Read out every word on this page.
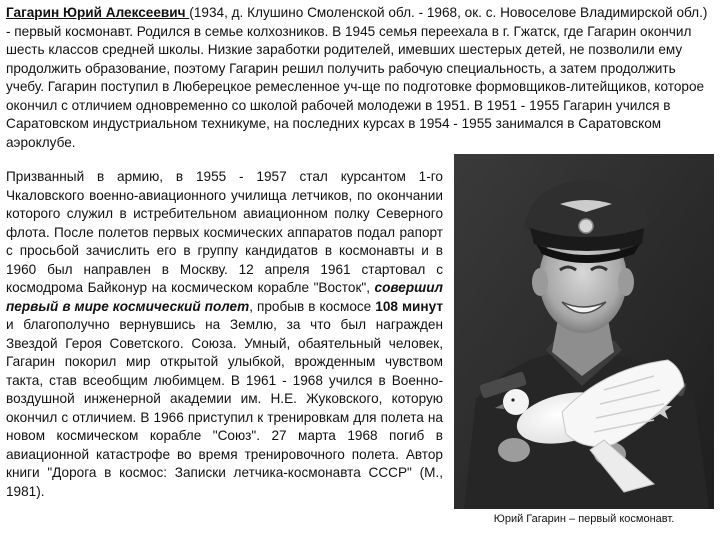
Гагарин Юрий Алексеевич (1934, д. Клушино Смоленской обл. - 1968, ок. с. Новоселове Владимирской обл.) - первый космонавт. Родился в семье колхозников. В 1945 семья переехала в г. Гжатск, где Гагарин окончил шесть классов средней школы. Низкие заработки родителей, имевших шестерых детей, не позволили ему продолжить образование, поэтому Гагарин решил получить рабочую специальность, а затем продолжить учебу. Гагарин поступил в Люберецкое ремесленное уч-ще по подготовке формовщиков-литейщиков, которое окончил с отличием одновременно со школой рабочей молодежи в 1951. В 1951 - 1955 Гагарин учился в Саратовском индустриальном техникуме, на последних курсах в 1954 - 1955 занимался в Саратовском аэроклубе.

Призванный в армию, в 1955 - 1957 стал курсантом 1-го Чкаловского военно-авиационного училища летчиков, по окончании которого служил в истребительном авиационном полку Северного флота. После полетов первых космических аппаратов подал рапорт с просьбой зачислить его в группу кандидатов в космонавты и в 1960 был направлен в Москву. 12 апреля 1961 стартовал с космодрома Байконур на космическом корабле "Восток", совершил первый в мире космический полет, пробыв в космосе 108 минут и благополучно вернувшись на Землю, за что был награжден Звездой Героя Советского. Союза. Умный, обаятельный человек, Гагарин покорил мир открытой улыбкой, врожденным чувством такта, став всеобщим любимцем. В 1961 - 1968 учился в Военно-воздушной инженерной академии им. Н.Е. Жуковского, которую окончил с отличием. В 1966 приступил к тренировкам для полета на новом космическом корабле "Союз". 27 марта 1968 погиб в авиационной катастрофе во время тренировочного полета. Автор книги "Дорога в космос: Записки летчика-космонавта СССР" (М., 1981).

Юрий Гагарин – первый космонавт.
